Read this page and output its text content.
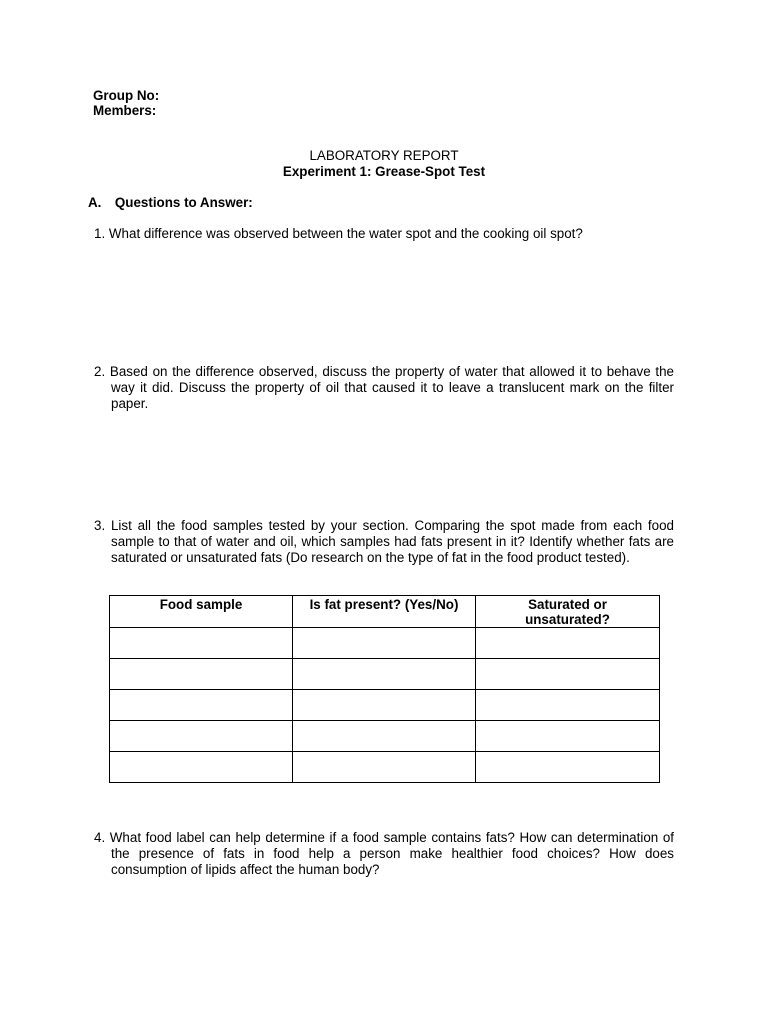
Group No:
Members:
LABORATORY REPORT
Experiment 1: Grease-Spot Test
A. Questions to Answer:

1. What difference was observed between the water spot and the cooking oil spot?

2. Based on the difference observed, discuss the property of water that allowed it to behave the way it did. Discuss the property of oil that caused it to leave a translucent mark on the filter paper.

3. List all the food samples tested by your section. Comparing the spot made from each food sample to that of water and oil, which samples had fats present in it? Identify whether fats are saturated or unsaturated fats (Do research on the type of fat in the food product tested).

Food sample	Is fat present? (Yes/No)	Saturated or unsaturated?

4. What food label can help determine if a food sample contains fats? How can determination of the presence of fats in food help a person make healthier food choices? How does consumption of lipids affect the human body?
